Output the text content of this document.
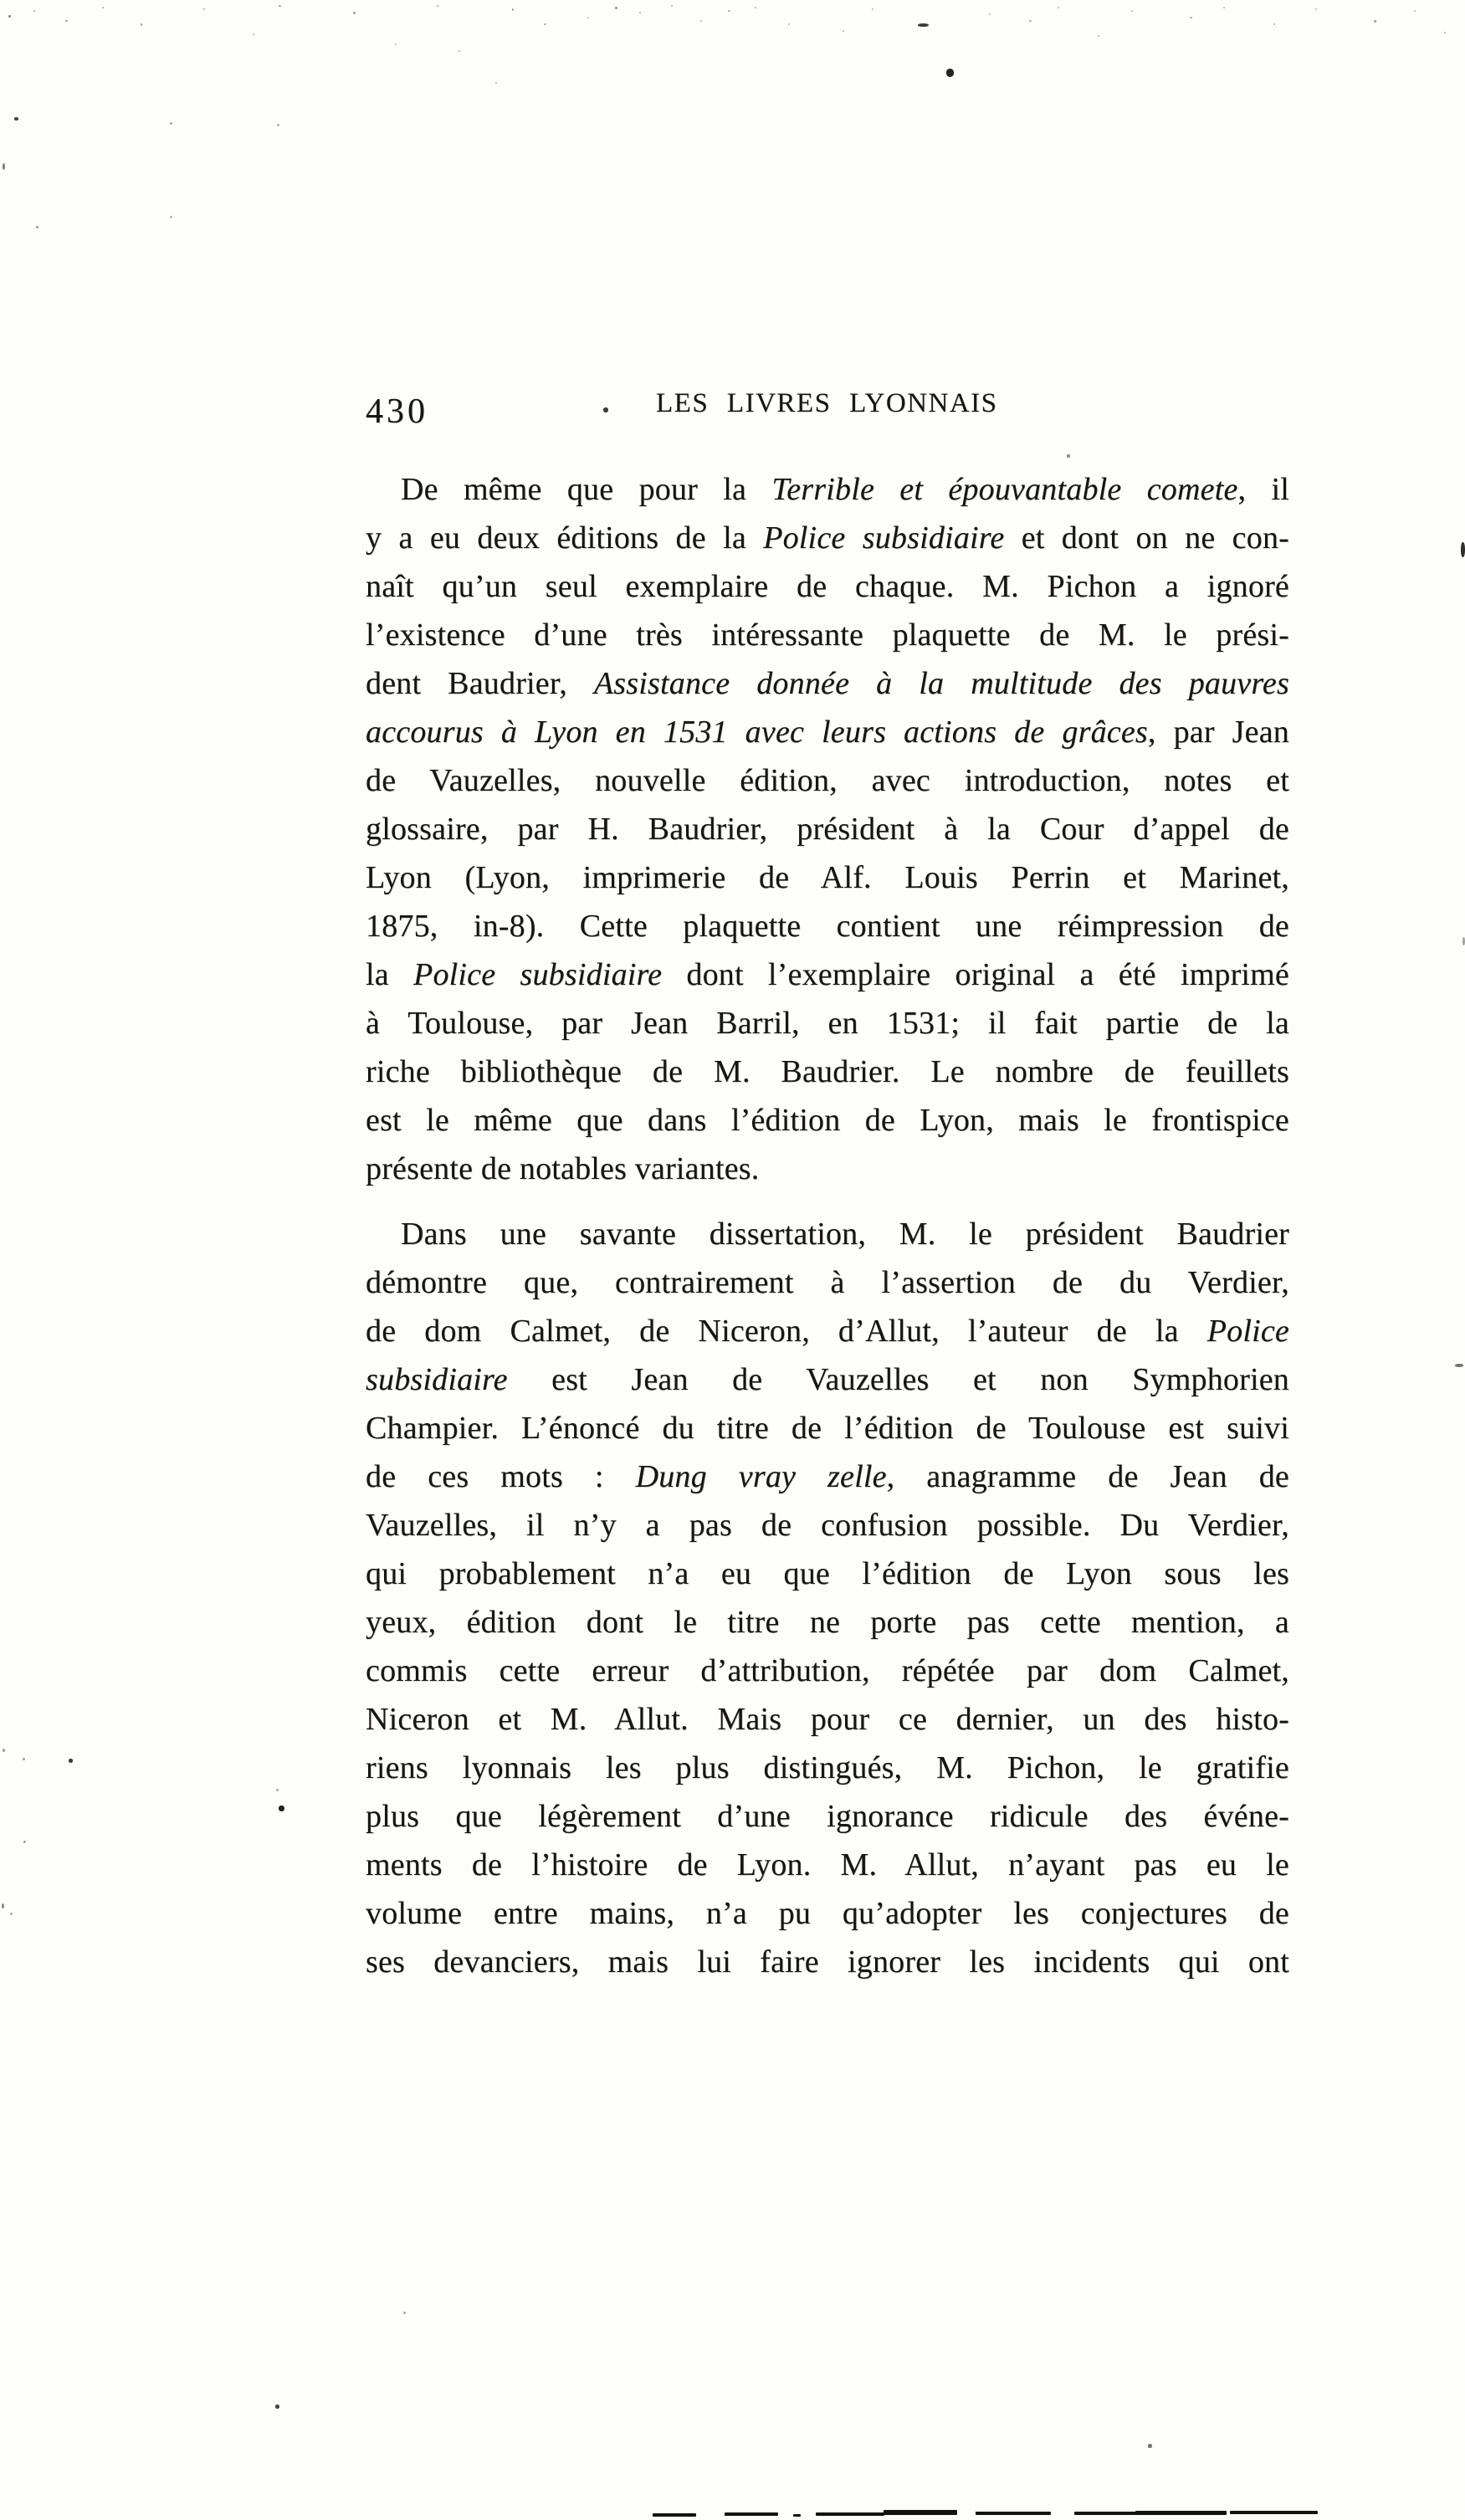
430	LES LIVRES LYONNAIS
De même que pour la Terrible et épouvantable comete, il
y a eu deux éditions de la Police subsidiaire et dont on ne con-
naît qu’un seul exemplaire de chaque. M. Pichon a ignoré
l’existence d’une très intéressante plaquette de M. le prési-
dent Baudrier, Assistance donnée à la multitude des pauvres
accourus à Lyon en 1531 avec leurs actions de grâces, par Jean
de Vauzelles, nouvelle édition, avec introduction, notes et
glossaire, par H. Baudrier, président à la Cour d’appel de
Lyon (Lyon, imprimerie de Alf. Louis Perrin et Marinet,
1875, in-8). Cette plaquette contient une réimpression de
la Police subsidiaire dont l’exemplaire original a été imprimé
à Toulouse, par Jean Barril, en 1531; il fait partie de la
riche bibliothèque de M. Baudrier. Le nombre de feuillets
est le même que dans l’édition de Lyon, mais le frontispice
présente de notables variantes.
Dans une savante dissertation, M. le président Baudrier
démontre que, contrairement à l’assertion de du Verdier,
de dom Calmet, de Niceron, d’Allut, l’auteur de la Police
subsidiaire est Jean de Vauzelles et non Symphorien
Champier. L’énoncé du titre de l’édition de Toulouse est suivi
de ces mots : Dung vray zelle, anagramme de Jean de
Vauzelles, il n’y a pas de confusion possible. Du Verdier,
qui probablement n’a eu que l’édition de Lyon sous les
yeux, édition dont le titre ne porte pas cette mention, a
commis cette erreur d’attribution, répétée par dom Calmet,
Niceron et M. Allut. Mais pour ce dernier, un des histo-
riens lyonnais les plus distingués, M. Pichon, le gratifie
plus que légèrement d’une ignorance ridicule des événe-
ments de l’histoire de Lyon. M. Allut, n’ayant pas eu le
volume entre mains, n’a pu qu’adopter les conjectures de
ses devanciers, mais lui faire ignorer les incidents qui ont
